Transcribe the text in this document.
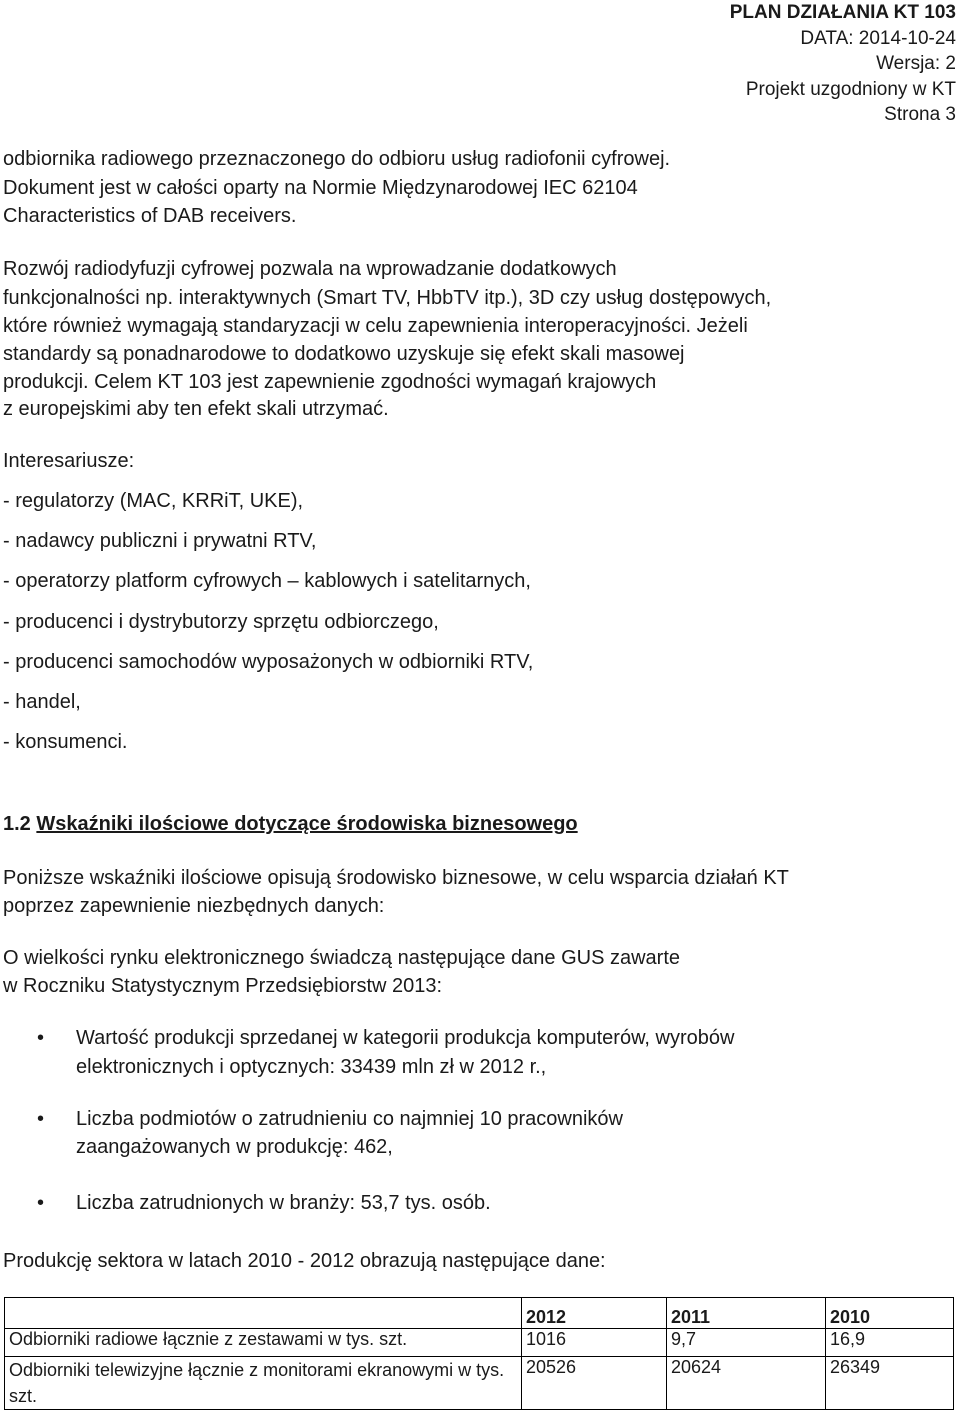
PLAN DZIAŁANIA KT 103
DATA: 2014-10-24
Wersja: 2
Projekt uzgodniony w KT
Strona 3
odbiornika radiowego przeznaczonego do odbioru usług radiofonii cyfrowej.
Dokument jest w całości oparty na Normie Międzynarodowej IEC 62104
Characteristics of DAB receivers.
Rozwój radiodyfuzji cyfrowej pozwala na wprowadzanie dodatkowych
funkcjonalności np. interaktywnych (Smart TV, HbbTV itp.), 3D czy usług dostępowych,
które również wymagają standaryzacji w celu zapewnienia interoperacyjności. Jeżeli
standardy są ponadnarodowe to dodatkowo uzyskuje się efekt skali masowej
produkcji. Celem KT 103 jest zapewnienie zgodności wymagań krajowych
z europejskimi aby ten efekt skali utrzymać.
Interesariusze:
- regulatorzy (MAC, KRRiT, UKE),
- nadawcy publiczni i prywatni RTV,
- operatorzy platform cyfrowych – kablowych i satelitarnych,
- producenci i dystrybutorzy sprzętu odbiorczego,
- producenci samochodów wyposażonych w odbiorniki RTV,
- handel,
- konsumenci.
1.2 Wskaźniki ilościowe dotyczące środowiska biznesowego
Poniższe wskaźniki ilościowe opisują środowisko biznesowe, w celu wsparcia działań KT
poprzez zapewnienie niezbędnych danych:
O wielkości rynku elektronicznego świadczą następujące dane GUS zawarte
w Roczniku Statystycznym Przedsiębiorstw 2013:
• Wartość produkcji sprzedanej w kategorii produkcja komputerów, wyrobów
elektronicznych i optycznych: 33439 mln zł w 2012 r.,
• Liczba podmiotów o zatrudnieniu co najmniej 10 pracowników
zaangażowanych w produkcję: 462,
• Liczba zatrudnionych w branży: 53,7 tys. osób.
Produkcję sektora w latach 2010 - 2012 obrazują następujące dane:
	2012	2011	2010
Odbiorniki radiowe łącznie z zestawami w tys. szt.	1016	9,7	16,9
Odbiorniki telewizyjne łącznie z monitorami ekranowymi w tys. szt.	20526	20624	26349
